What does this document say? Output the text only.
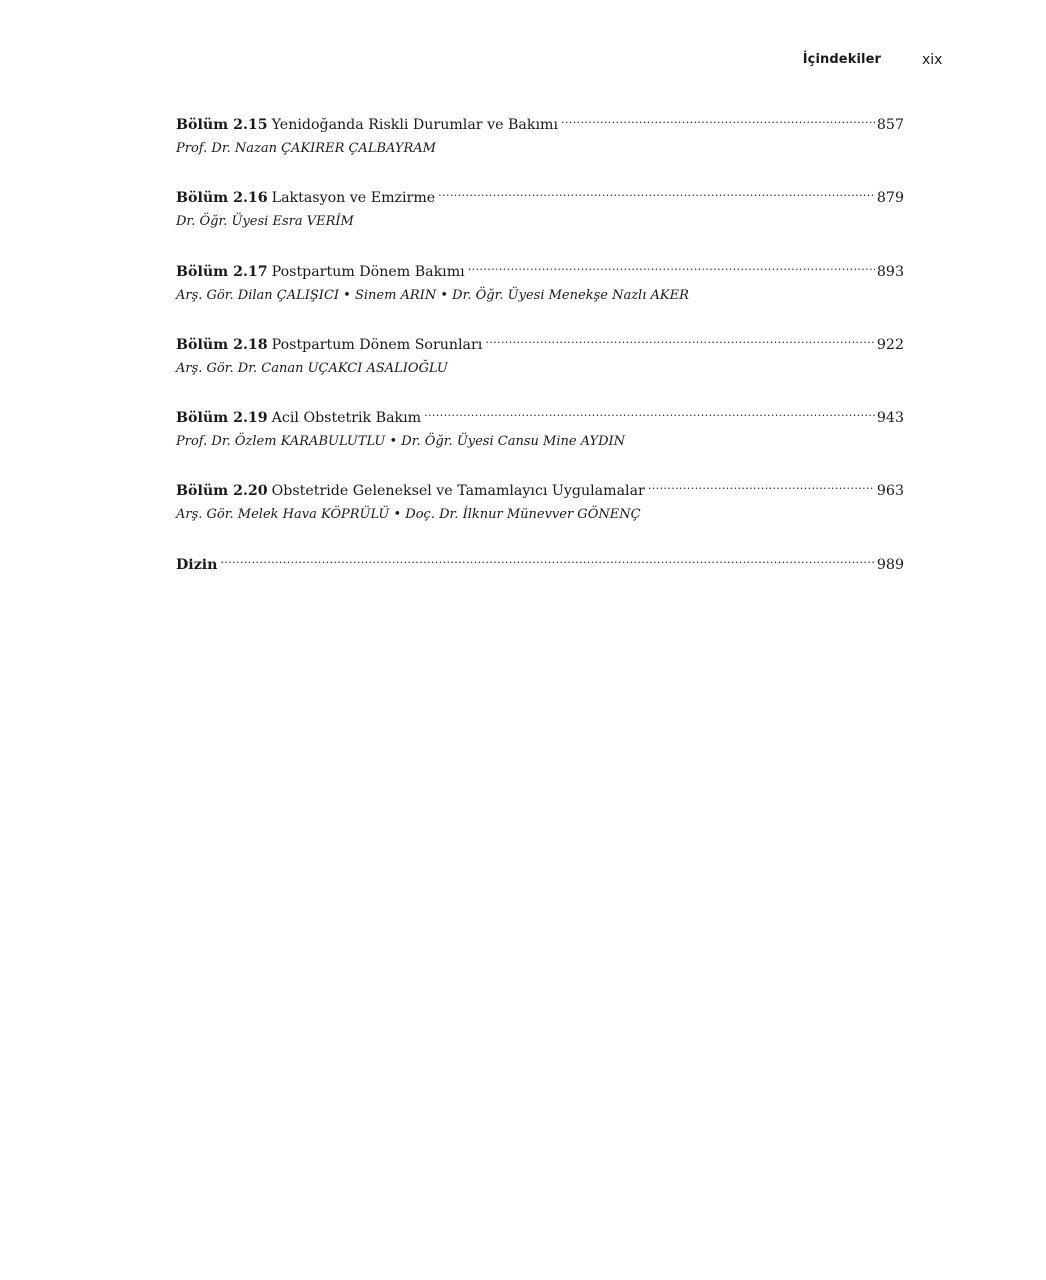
İçindekiler	xix
Bölüm 2.15 Yenidoğanda Riskli Durumlar ve Bakımı .....	857
Prof. Dr. Nazan ÇAKIRER ÇALBAYRAM
Bölüm 2.16 Laktasyon ve Emzirme .....	879
Dr. Öğr. Üyesi Esra VERİM
Bölüm 2.17 Postpartum Dönem Bakımı .....	893
Arş. Gör. Dilan ÇALIŞICI • Sinem ARIN • Dr. Öğr. Üyesi Menekşe Nazlı AKER
Bölüm 2.18 Postpartum Dönem Sorunları .....	922
Arş. Gör. Dr. Canan UÇAKCI ASALIOĞLU
Bölüm 2.19 Acil Obstetrik Bakım .....	943
Prof. Dr. Özlem KARABULUTLU • Dr. Öğr. Üyesi Cansu Mine AYDIN
Bölüm 2.20 Obstetride Geleneksel ve Tamamlayıcı Uygulamalar .....	963
Arş. Gör. Melek Hava KÖPRÜLÜ • Doç. Dr. İlknur Münevver GÖNENÇ
Dizin .....	989
